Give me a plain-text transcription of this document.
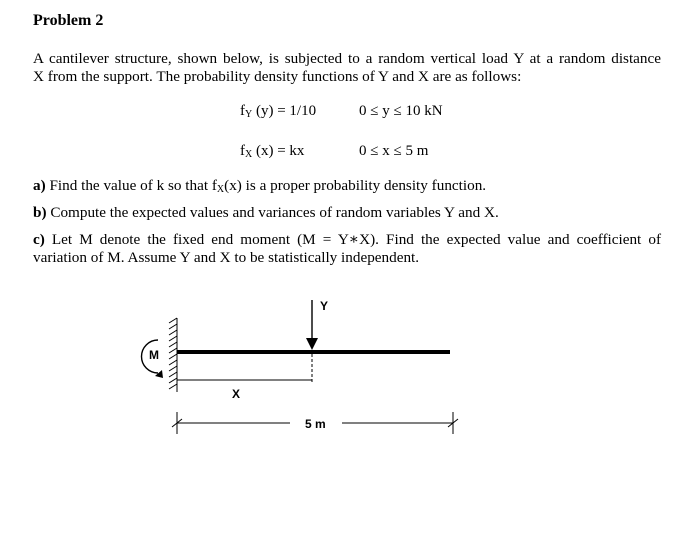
Problem 2
A cantilever structure, shown below, is subjected to a random vertical load Y at a random distance
X from the support. The probability density functions of Y and X are as follows:
fY (y) = 1/10	0 ≤ y ≤ 10 kN
fX (x) = kx	0 ≤ x ≤ 5 m
a) Find the value of k so that fX(x) is a proper probability density function.
b) Compute the expected values and variances of random variables Y and X.
c) Let M denote the fixed end moment (M = Y∗X). Find the expected value and coefficient of
variation of M. Assume Y and X to be statistically independent.
M
Y
X
5 m
